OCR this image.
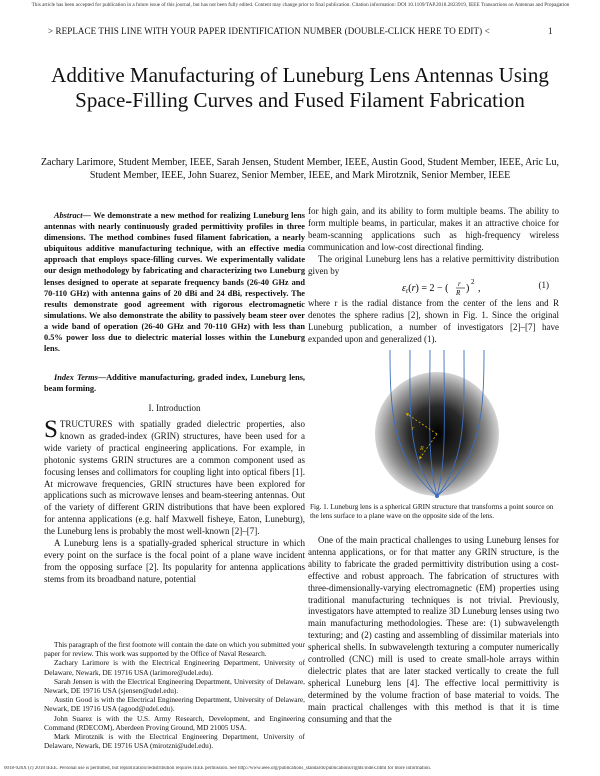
This article has been accepted for publication in a future issue of this journal, but has not been fully edited. Content may change prior to final publication. Citation information: DOI 10.1109/TAP.2018.2823919, IEEE Transactions on Antennas and Propagation
> REPLACE THIS LINE WITH YOUR PAPER IDENTIFICATION NUMBER (DOUBLE-CLICK HERE TO EDIT) <	1
Additive Manufacturing of Luneburg Lens Antennas Using Space-Filling Curves and Fused Filament Fabrication
Zachary Larimore, Student Member, IEEE, Sarah Jensen, Student Member, IEEE, Austin Good, Student Member, IEEE, Aric Lu, Student Member, IEEE, John Suarez, Senior Member, IEEE, and Mark Mirotznik, Senior Member, IEEE
Abstract— We demonstrate a new method for realizing Luneburg lens antennas with nearly continuously graded permittivity profiles in three dimensions. The method combines fused filament fabrication, a nearly ubiquitous additive manufacturing technique, with an effective media approach that employs space-filling curves. We experimentally validate our design methodology by fabricating and characterizing two Luneburg lenses designed to operate at separate frequency bands (26-40 GHz and 70-110 GHz) with antenna gains of 20 dBi and 24 dBi, respectively. The results demonstrate good agreement with rigorous electromagnetic simulations. We also demonstrate the ability to passively beam steer over a wide band of operation (26-40 GHz and 70-110 GHz) with less than 0.5% power loss due to dielectric material losses within the Luneburg lens.
Index Terms—Additive manufacturing, graded index, Luneburg lens, beam forming.
I. Introduction

STRUCTURES with spatially graded dielectric properties, also known as graded-index (GRIN) structures, have been used for a wide variety of practical engineering applications. For example, in photonic systems GRIN structures are a common component used as focusing lenses and collimators for coupling light into optical fibers [1]. At microwave frequencies, GRIN structures have been explored for applications such as microwave lenses and beam-steering antennas. Out of the variety of different GRIN distributions that have been explored for antenna applications (e.g. half Maxwell fisheye, Eaton, Luneburg), the Luneburg lens is probably the most well-known [2]–[7].

A Luneburg lens is a spatially-graded spherical structure in which every point on the surface is the focal point of a plane wave incident from the opposing surface [2]. Its popularity for antenna applications stems from its broadband nature, potential

This paragraph of the first footnote will contain the date on which you submitted your paper for review. This work was supported by the Office of Naval Research.

Zachary Larimore is with the Electrical Engineering Department, University of Delaware, Newark, DE 19716 USA (larimore@udel.edu).

Sarah Jensen is with the Electrical Engineering Department, University of Delaware, Newark, DE 19716 USA (sjensen@udel.edu).

Austin Good is with the Electrical Engineering Department, University of Delaware, Newark, DE 19716 USA (agood@udel.edu).

John Suarez is with the U.S. Army Research, Development, and Engineering Command (RDECOM), Aberdeen Proving Ground, MD 21005 USA.

Mark Mirotznik is with the Electrical Engineering Department, University of Delaware, Newark, DE 19716 USA (mirotzni@udel.edu).

for high gain, and its ability to form multiple beams. The ability to form multiple beams, in particular, makes it an attractive choice for beam-scanning applications such as high-frequency wireless communication and low-cost directional finding.

The original Luneburg lens has a relative permittivity distribution given by

$\varepsilon_r(r) = 2$ − ( r
R )
2
,	(1)

where r is the radial distance from the center of the lens and R denotes the sphere radius [2], shown in Fig. 1. Since the original Luneburg publication, a number of investigators [2]–[7] have expanded upon and generalized (1).

r
R
Fig. 1. Luneburg lens is a spherical GRIN structure that transforms a point source on the lens surface to a plane wave on the opposite side of the lens.

One of the main practical challenges to using Luneburg lenses for antenna applications, or for that matter any GRIN structure, is the ability to fabricate the graded permittivity distribution using a cost-effective and robust approach. The fabrication of structures with three-dimensionally-varying electromagnetic (EM) properties using traditional manufacturing techniques is not trivial. Previously, investigators have attempted to realize 3D Luneburg lenses using two main manufacturing methodologies. These are: (1) subwavelength texturing; and (2) casting and assembling of dissimilar materials into spherical shells. In subwavelength texturing a computer numerically controlled (CNC) mill is used to create small-hole arrays within dielectric plates that are later stacked vertically to create the full spherical Luneburg lens [4]. The effective local permittivity is determined by the volume fraction of base material to voids. The main practical challenges with this method is that it is time consuming and that the

0018-926X (c) 2018 IEEE. Personal use is permitted, but republication/redistribution requires IEEE permission. See http://www.ieee.org/publications_standards/publications/rights/index.html for more information.
